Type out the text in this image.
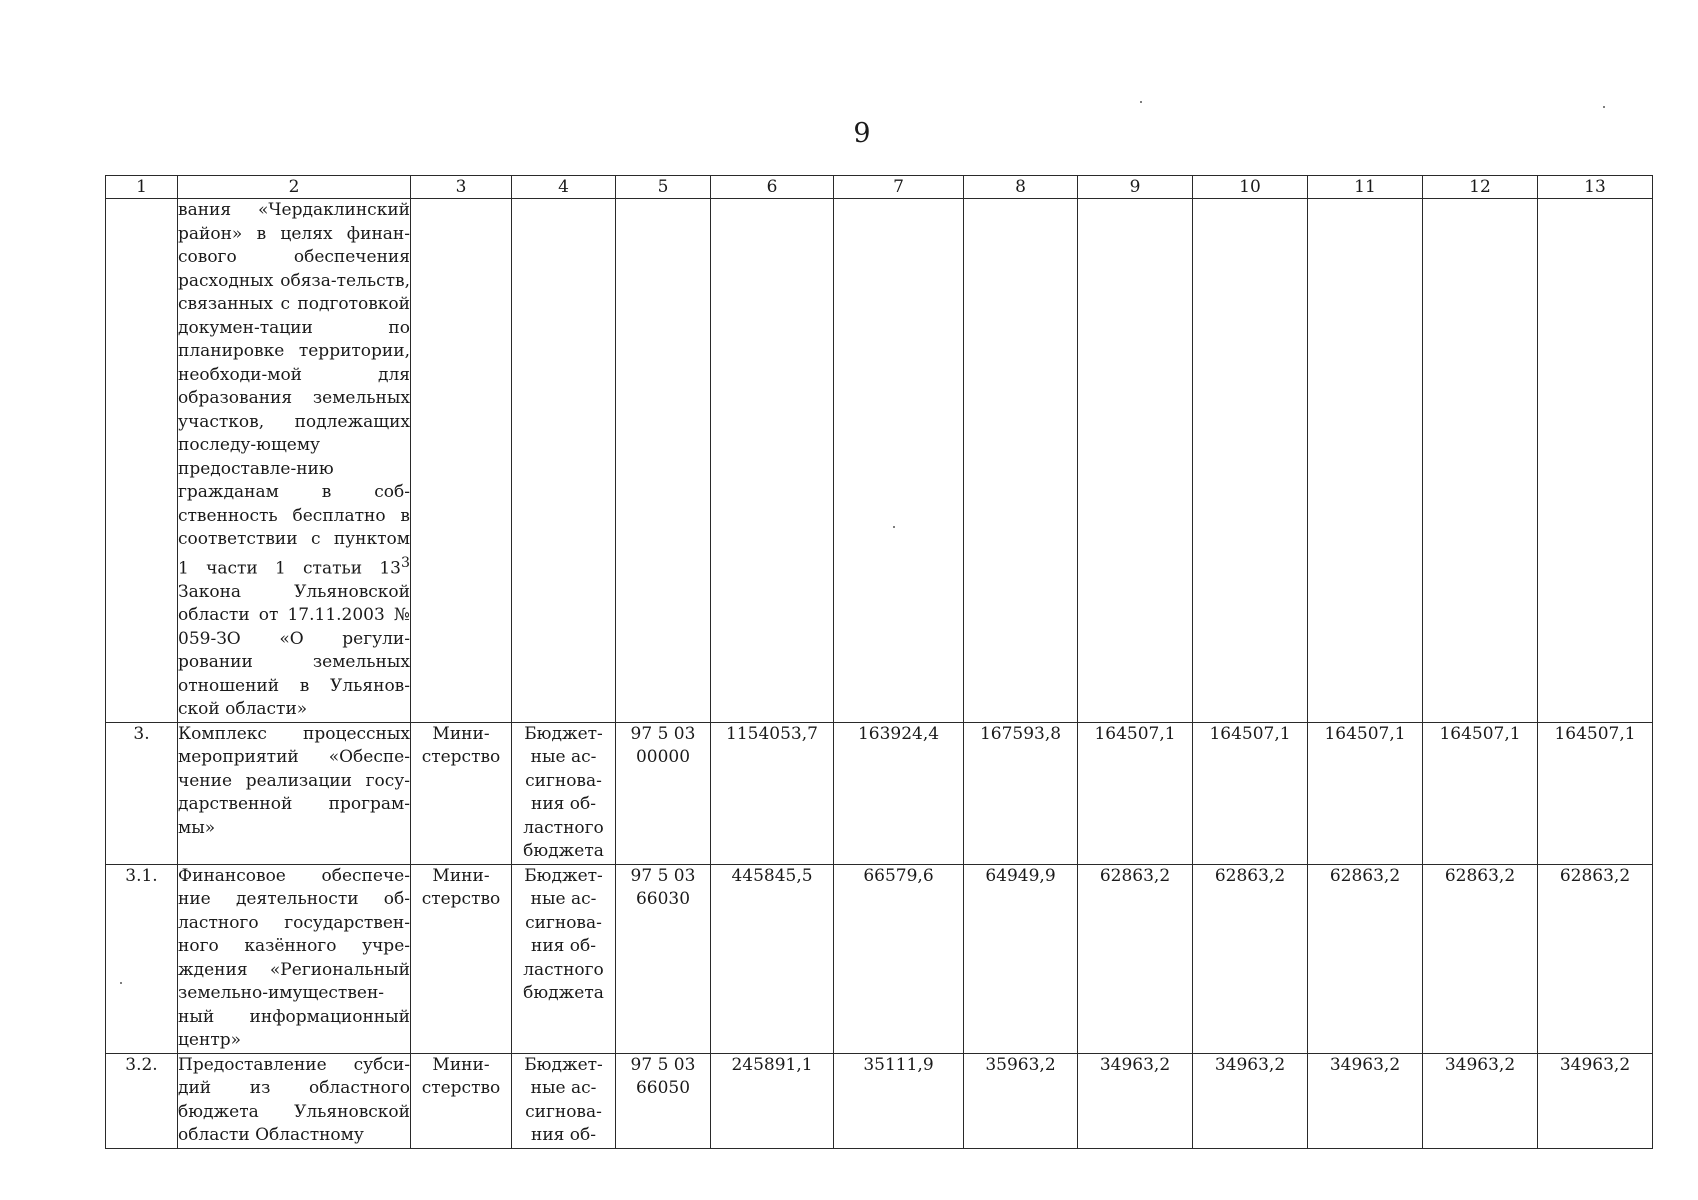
9
1	2	3	4	5	6	7	8	9	10	11	12	13
	вания «Чердаклинский район» в целях финан-сового обеспечения расходных обяза-тельств, связанных с подготовкой докумен-тации по планировке территории, необходи-мой для образования земельных участков, подлежащих последу-ющему предоставле-нию гражданам в соб-ственность бесплатно в соответствии с пунктом 1 части 1 статьи $13^3$ Закона Ульяновской области от 17.11.2003 № 059-ЗО «О регули-ровании земельных отношений в Ульянов-ской области»											
3.	Комплекс процессных мероприятий «Обеспе-чение реализации госу-дарственной програм-мы»	Мини-стерство	Бюджет-ные ас-сигнова-ния об-ластного бюджета	97 5 03 00000	1154053,7	163924,4	167593,8	164507,1	164507,1	164507,1	164507,1	164507,1
3.1.	Финансовое обеспече-ние деятельности об-ластного государствен-ного казённого учре-ждения «Региональный земельно-имуществен-ный информационный центр»	Мини-стерство	Бюджет-ные ас-сигнова-ния об-ластного бюджета	97 5 03 66030	445845,5	66579,6	64949,9	62863,2	62863,2	62863,2	62863,2	62863,2
3.2.	Предоставление субси-дий из областного бюджета Ульяновской области Областному	Мини-стерство	Бюджет-ные ас-сигнова-ния об-	97 5 03 66050	245891,1	35111,9	35963,2	34963,2	34963,2	34963,2	34963,2	34963,2
